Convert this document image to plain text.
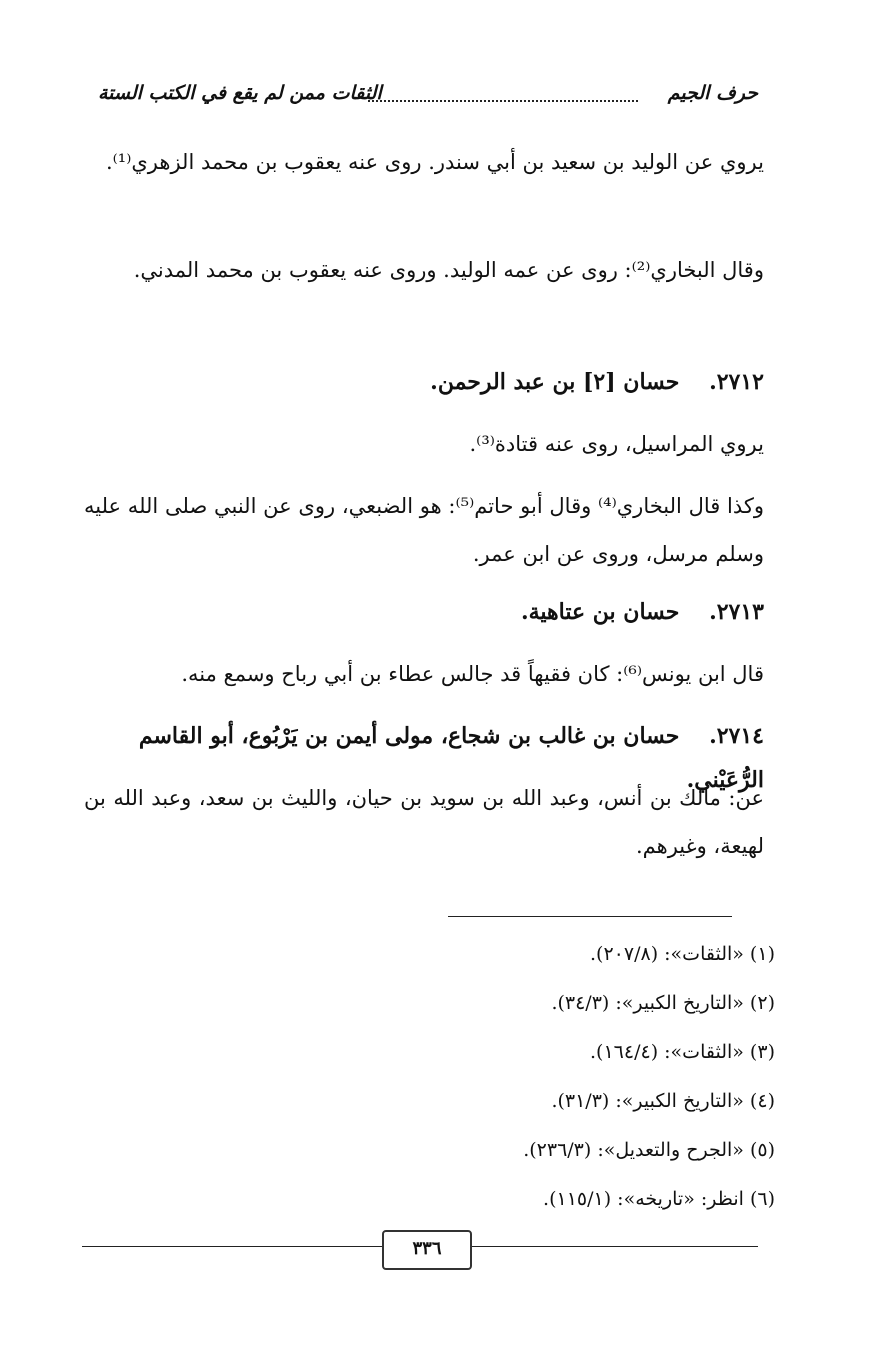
حرف الجيم
الثقات ممن لم يقع في الكتب الستة
يروي عن الوليد بن سعيد بن أبي سندر. روى عنه يعقوب بن محمد الزهري⁽¹⁾.
وقال البخاري⁽²⁾: روى عن عمه الوليد. وروى عنه يعقوب بن محمد المدني.
٢٧١٢. حسان [٢] بن عبد الرحمن.
يروي المراسيل، روى عنه قتادة⁽³⁾.
وكذا قال البخاري⁽⁴⁾ وقال أبو حاتم⁽⁵⁾: هو الضبعي، روى عن النبي صلى الله عليه وسلم مرسل، وروى عن ابن عمر.
٢٧١٣. حسان بن عتاهية.
قال ابن يونس⁽⁶⁾: كان فقيهاً قد جالس عطاء بن أبي رباح وسمع منه.
٢٧١٤. حسان بن غالب بن شجاع، مولى أيمن بن يَرْبُوع، أبو القاسم الرُّعَيْني.
عن: مالك بن أنس، وعبد الله بن سويد بن حيان، والليث بن سعد، وعبد الله بن لهيعة، وغيرهم.
(١) «الثقات»: (٢٠٧/٨).
(٢) «التاريخ الكبير»: (٣٤/٣).
(٣) «الثقات»: (١٦٤/٤).
(٤) «التاريخ الكبير»: (٣١/٣).
(٥) «الجرح والتعديل»: (٢٣٦/٣).
(٦) انظر: «تاريخه»: (١١٥/١).
٣٣٦
